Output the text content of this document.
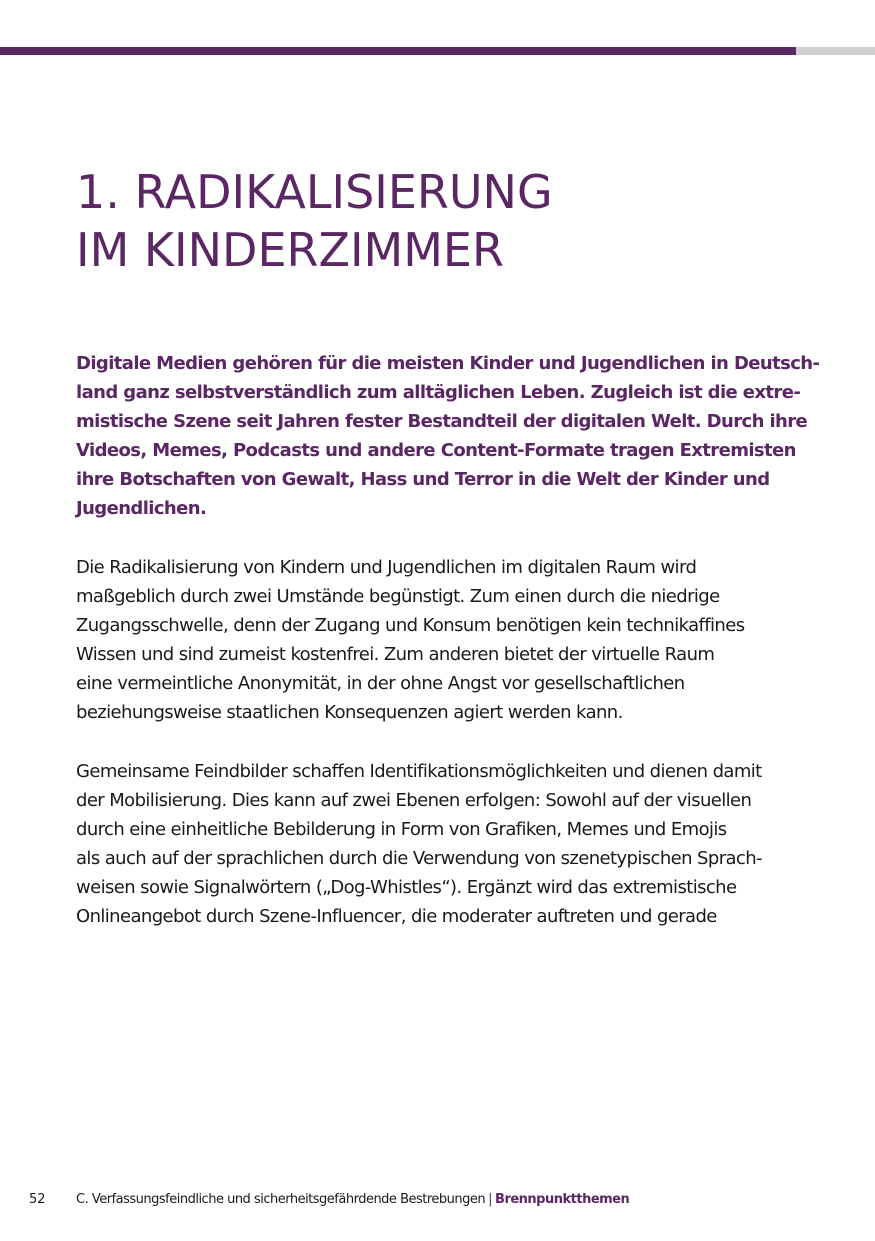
1. RADIKALISIERUNG
IM KINDERZIMMER

Digitale Medien gehören für die meisten Kinder und Jugendlichen in Deutsch-
land ganz selbstverständlich zum alltäglichen Leben. Zugleich ist die extre-
mistische Szene seit Jahren fester Bestandteil der digitalen Welt. Durch ihre
Videos, Memes, Podcasts und andere Content-Formate tragen Extremisten
ihre Botschaften von Gewalt, Hass und Terror in die Welt der Kinder und
Jugendlichen.

Die Radikalisierung von Kindern und Jugendlichen im digitalen Raum wird
maßgeblich durch zwei Umstände begünstigt. Zum einen durch die niedrige
Zugangsschwelle, denn der Zugang und Konsum benötigen kein technikaffines
Wissen und sind zumeist kostenfrei. Zum anderen bietet der virtuelle Raum
eine vermeintliche Anonymität, in der ohne Angst vor gesellschaftlichen
beziehungsweise staatlichen Konsequenzen agiert werden kann.

Gemeinsame Feindbilder schaffen Identifikationsmöglichkeiten und dienen damit
der Mobilisierung. Dies kann auf zwei Ebenen erfolgen: Sowohl auf der visuellen
durch eine einheitliche Bebilderung in Form von Grafiken, Memes und Emojis
als auch auf der sprachlichen durch die Verwendung von szenetypischen Sprach-
weisen sowie Signalwörtern („Dog-Whistles“). Ergänzt wird das extremistische
Onlineangebot durch Szene-Influencer, die moderater auftreten und gerade

52 C. Verfassungsfeindliche und sicherheitsgefährdende Bestrebungen | Brennpunktthemen
